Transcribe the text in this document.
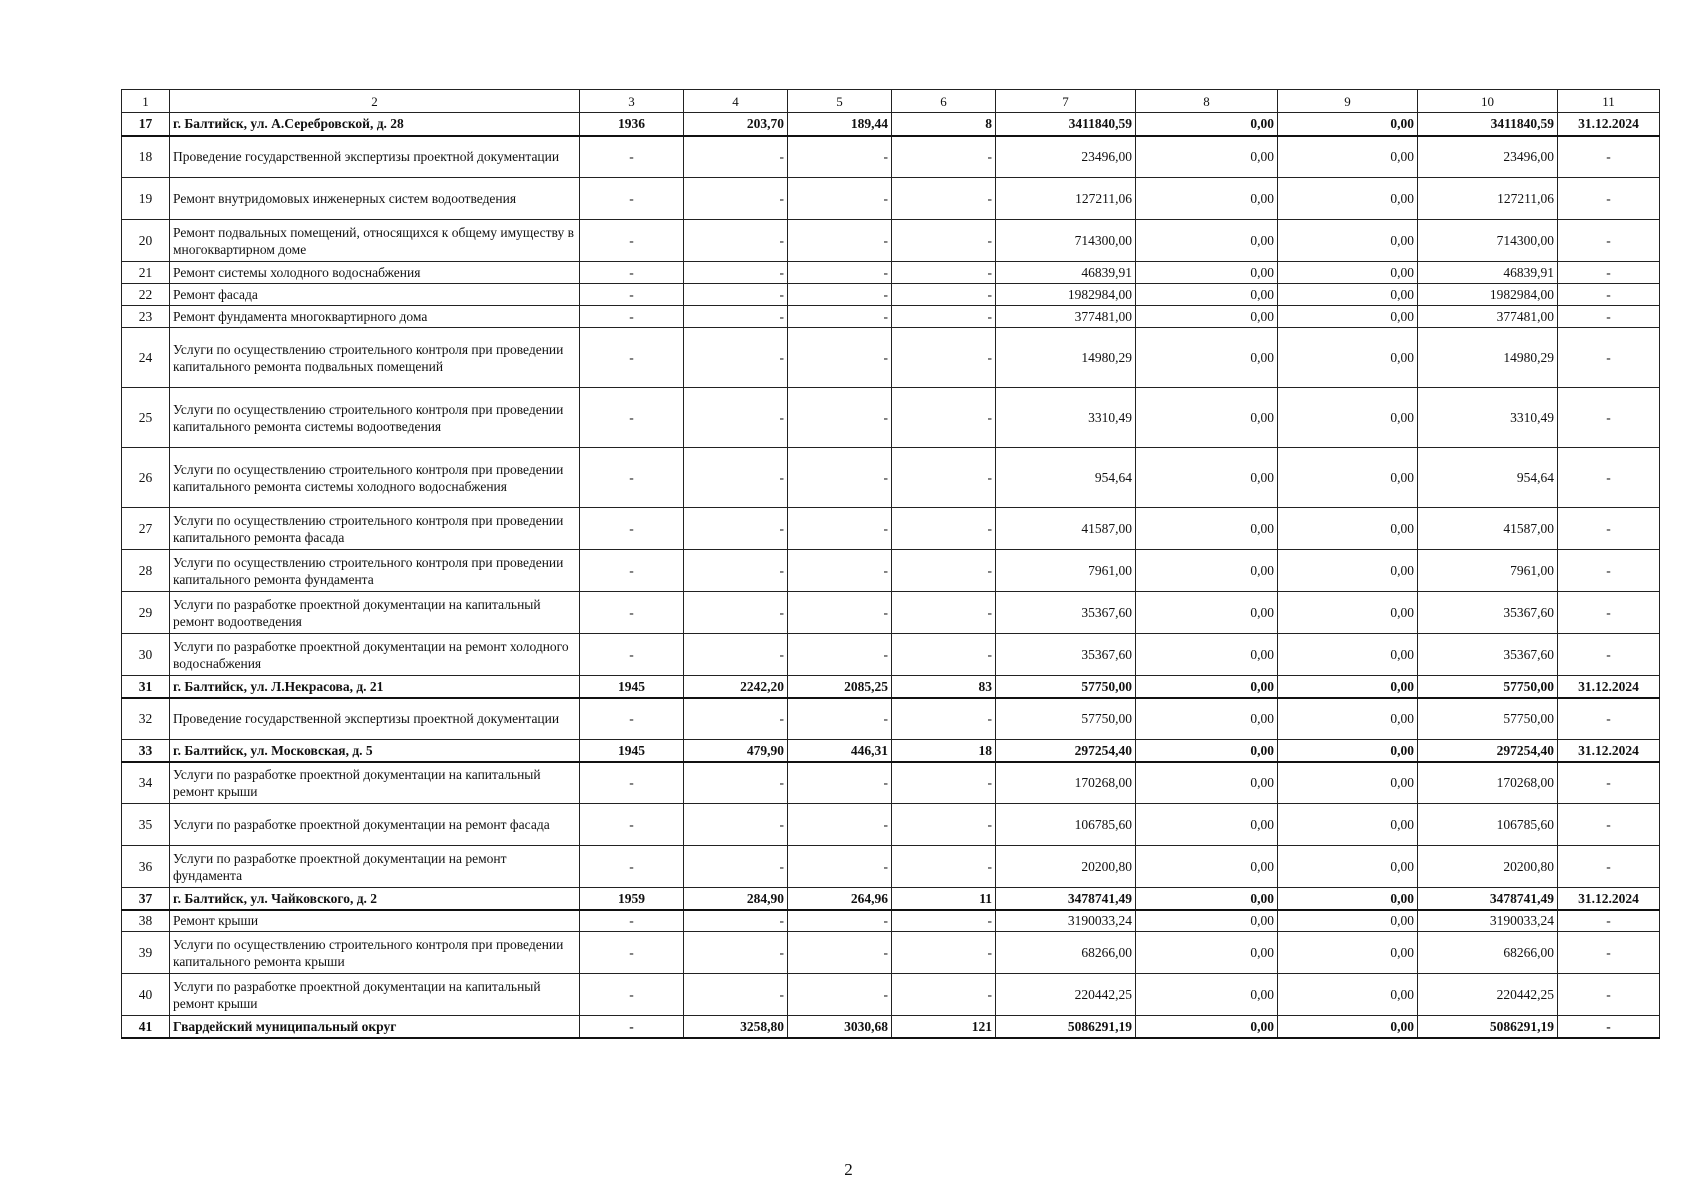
1	2	3	4	5	6	7	8	9	10	11
17	г. Балтийск, ул. А.Серебровской, д. 28	1936	203,70	189,44	8	3411840,59	0,00	0,00	3411840,59	31.12.2024
18	Проведение государственной экспертизы проектной документации	-	-	-	-	23496,00	0,00	0,00	23496,00	-
19	Ремонт внутридомовых инженерных систем водоотведения	-	-	-	-	127211,06	0,00	0,00	127211,06	-
20	Ремонт подвальных помещений, относящихся к общему имуществу в многоквартирном доме	-	-	-	-	714300,00	0,00	0,00	714300,00	-
21	Ремонт системы холодного водоснабжения	-	-	-	-	46839,91	0,00	0,00	46839,91	-
22	Ремонт фасада	-	-	-	-	1982984,00	0,00	0,00	1982984,00	-
23	Ремонт фундамента многоквартирного дома	-	-	-	-	377481,00	0,00	0,00	377481,00	-
24	Услуги по осуществлению строительного контроля при проведении капитального ремонта подвальных помещений	-	-	-	-	14980,29	0,00	0,00	14980,29	-
25	Услуги по осуществлению строительного контроля при проведении капитального ремонта системы водоотведения	-	-	-	-	3310,49	0,00	0,00	3310,49	-
26	Услуги по осуществлению строительного контроля при проведении капитального ремонта системы холодного водоснабжения	-	-	-	-	954,64	0,00	0,00	954,64	-
27	Услуги по осуществлению строительного контроля при проведении капитального ремонта фасада	-	-	-	-	41587,00	0,00	0,00	41587,00	-
28	Услуги по осуществлению строительного контроля при проведении капитального ремонта фундамента	-	-	-	-	7961,00	0,00	0,00	7961,00	-
29	Услуги по разработке проектной документации на капитальный ремонт водоотведения	-	-	-	-	35367,60	0,00	0,00	35367,60	-
30	Услуги по разработке проектной документации на ремонт холодного водоснабжения	-	-	-	-	35367,60	0,00	0,00	35367,60	-
31	г. Балтийск, ул. Л.Некрасова, д. 21	1945	2242,20	2085,25	83	57750,00	0,00	0,00	57750,00	31.12.2024
32	Проведение государственной экспертизы проектной документации	-	-	-	-	57750,00	0,00	0,00	57750,00	-
33	г. Балтийск, ул. Московская, д. 5	1945	479,90	446,31	18	297254,40	0,00	0,00	297254,40	31.12.2024
34	Услуги по разработке проектной документации на капитальный ремонт крыши	-	-	-	-	170268,00	0,00	0,00	170268,00	-
35	Услуги по разработке проектной документации на ремонт фасада	-	-	-	-	106785,60	0,00	0,00	106785,60	-
36	Услуги по разработке проектной документации на ремонт фундамента	-	-	-	-	20200,80	0,00	0,00	20200,80	-
37	г. Балтийск, ул. Чайковского, д. 2	1959	284,90	264,96	11	3478741,49	0,00	0,00	3478741,49	31.12.2024
38	Ремонт крыши	-	-	-	-	3190033,24	0,00	0,00	3190033,24	-
39	Услуги по осуществлению строительного контроля при проведении капитального ремонта крыши	-	-	-	-	68266,00	0,00	0,00	68266,00	-
40	Услуги по разработке проектной документации на капитальный ремонт крыши	-	-	-	-	220442,25	0,00	0,00	220442,25	-
41	Гвардейский муниципальный округ	-	3258,80	3030,68	121	5086291,19	0,00	0,00	5086291,19	-
2
